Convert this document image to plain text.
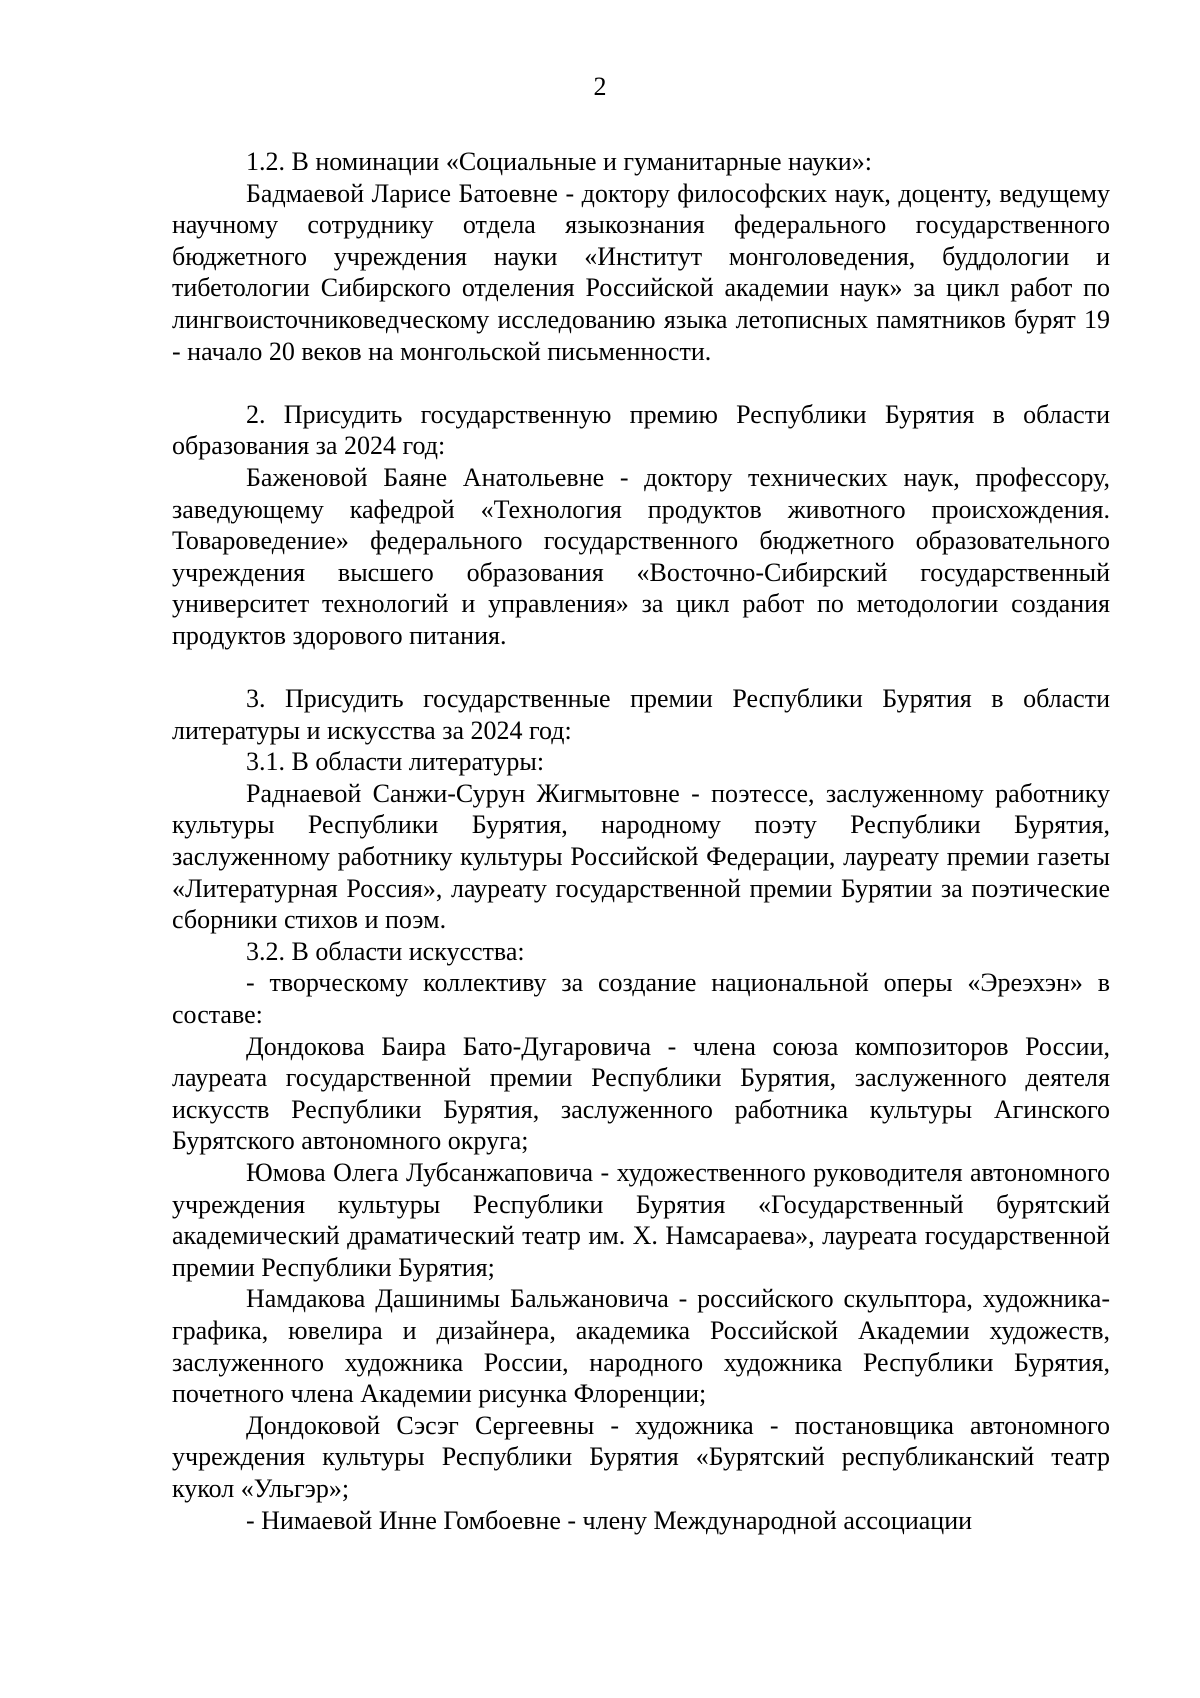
2

1.2. В номинации «Социальные и гуманитарные науки»:

Бадмаевой Ларисе Батоевне - доктору философских наук, доценту, ведущему научному сотруднику отдела языкознания федерального государственного бюджетного учреждения науки «Институт монголоведения, буддологии и тибетологии Сибирского отделения Российской академии наук» за цикл работ по лингвоисточниковедческому исследованию языка летописных памятников бурят 19 - начало 20 веков на монгольской письменности.

2. Присудить государственную премию Республики Бурятия в области образования за 2024 год:

Баженовой Баяне Анатольевне - доктору технических наук, профессору, заведующему кафедрой «Технология продуктов животного происхождения. Товароведение» федерального государственного бюджетного образовательного учреждения высшего образования «Восточно-Сибирский государственный университет технологий и управления» за цикл работ по методологии создания продуктов здорового питания.

3. Присудить государственные премии Республики Бурятия в области литературы и искусства за 2024 год:

3.1. В области литературы:

Раднаевой Санжи-Сурун Жигмытовне - поэтессе, заслуженному работнику культуры Республики Бурятия, народному поэту Республики Бурятия, заслуженному работнику культуры Российской Федерации, лауреату премии газеты «Литературная Россия», лауреату государственной премии Бурятии за поэтические сборники стихов и поэм.

3.2. В области искусства:

- творческому коллективу за создание национальной оперы «Эреэхэн» в составе:

Дондокова Баира Бато-Дугаровича - члена союза композиторов России, лауреата государственной премии Республики Бурятия, заслуженного деятеля искусств Республики Бурятия, заслуженного работника культуры Агинского Бурятского автономного округа;

Юмова Олега Лубсанжаповича - художественного руководителя автономного учреждения культуры Республики Бурятия «Государственный бурятский академический драматический театр им. Х. Намсараева», лауреата государственной премии Республики Бурятия;

Намдакова Дашинимы Бальжановича - российского скульптора, художника-графика, ювелира и дизайнера, академика Российской Академии художеств, заслуженного художника России, народного художника Республики Бурятия, почетного члена Академии рисунка Флоренции;

Дондоковой Сэсэг Сергеевны - художника - постановщика автономного учреждения культуры Республики Бурятия «Бурятский республиканский театр кукол «Ульгэр»;

- Нимаевой Инне Гомбоевне - члену Международной ассоциации
